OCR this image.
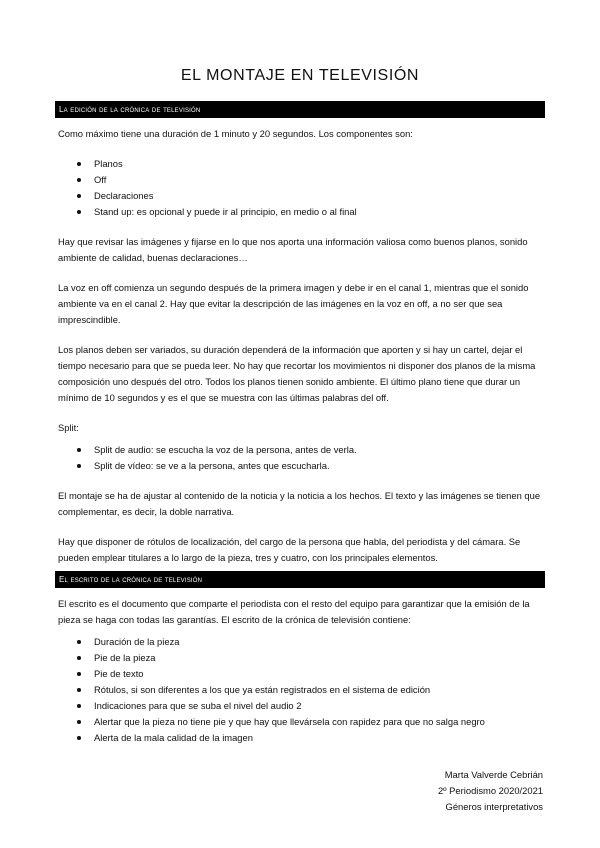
EL MONTAJE EN TELEVISIÓN
La edición de la crónica de televisión

Como máximo tiene una duración de 1 minuto y 20 segundos. Los componentes son:

Planos
Off
Declaraciones
Stand up: es opcional y puede ir al principio, en medio o al final

Hay que revisar las imágenes y fijarse en lo que nos aporta una información valiosa como buenos planos, sonido ambiente de calidad, buenas declaraciones…

La voz en off comienza un segundo después de la primera imagen y debe ir en el canal 1, mientras que el sonido ambiente va en el canal 2. Hay que evitar la descripción de las imágenes en la voz en off, a no ser que sea imprescindible.

Los planos deben ser variados, su duración dependerá de la información que aporten y si hay un cartel, dejar el tiempo necesario para que se pueda leer. No hay que recortar los movimientos ni disponer dos planos de la misma composición uno después del otro. Todos los planos tienen sonido ambiente. El último plano tiene que durar un mínimo de 10 segundos y es el que se muestra con las últimas palabras del off.

Split:

Split de audio: se escucha la voz de la persona, antes de verla.
Split de vídeo: se ve a la persona, antes que escucharla.

El montaje se ha de ajustar al contenido de la noticia y la noticia a los hechos. El texto y las imágenes se tienen que complementar, es decir, la doble narrativa.

Hay que disponer de rótulos de localización, del cargo de la persona que habla, del periodista y del cámara. Se pueden emplear titulares a lo largo de la pieza, tres y cuatro, con los principales elementos.

El escrito de la crónica de televisión

El escrito es el documento que comparte el periodista con el resto del equipo para garantizar que la emisión de la pieza se haga con todas las garantías. El escrito de la crónica de televisión contiene:

Duración de la pieza
Pie de la pieza
Pie de texto
Rótulos, si son diferentes a los que ya están registrados en el sistema de edición
Indicaciones para que se suba el nivel del audio 2
Alertar que la pieza no tiene pie y que hay que llevársela con rapidez para que no salga negro
Alerta de la mala calidad de la imagen
Marta Valverde Cebrián
2º Periodismo 2020/2021
Géneros interpretativos
